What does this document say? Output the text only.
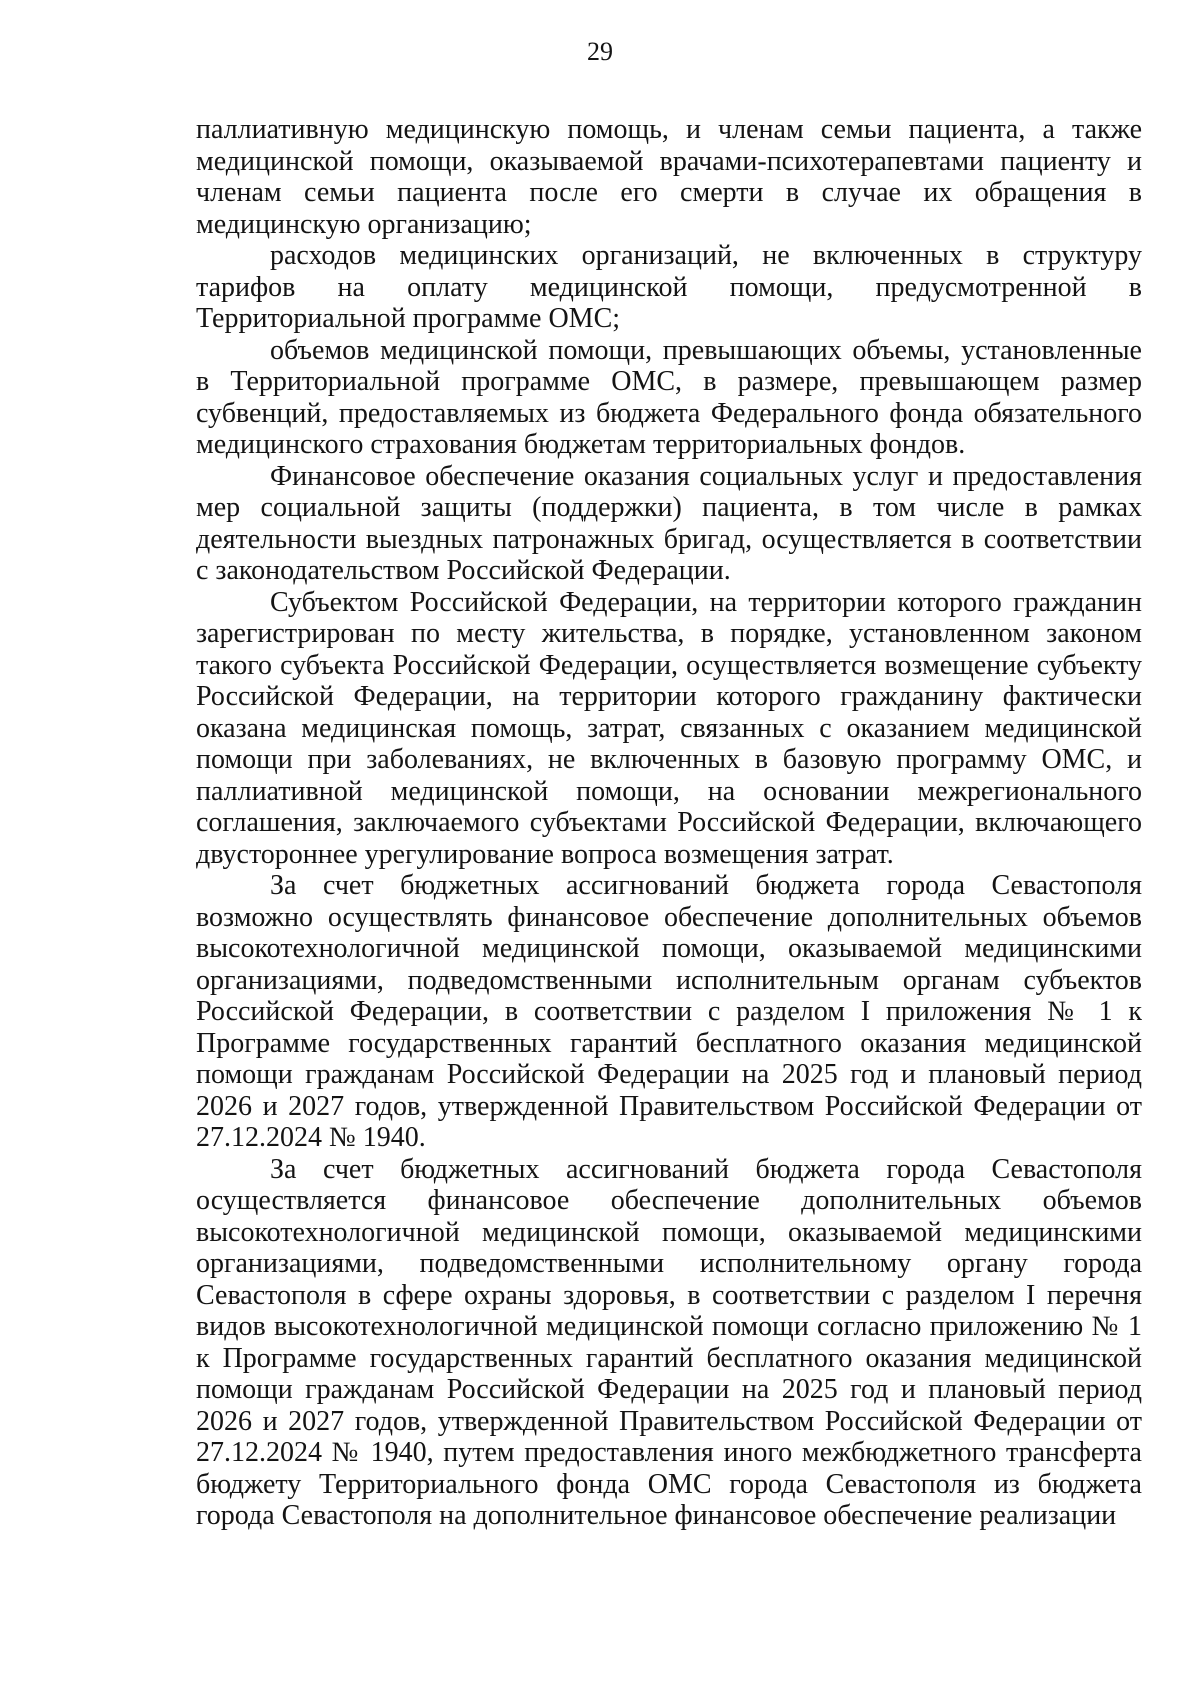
29

паллиативную медицинскую помощь, и членам семьи пациента, а также медицинской помощи, оказываемой врачами-психотерапевтами пациенту и членам семьи пациента после его смерти в случае их обращения в медицинскую организацию;

расходов медицинских организаций, не включенных в структуру тарифов на оплату медицинской помощи, предусмотренной в Территориальной программе ОМС;

объемов медицинской помощи, превышающих объемы, установленные в Территориальной программе ОМС, в размере, превышающем размер субвенций, предоставляемых из бюджета Федерального фонда обязательного медицинского страхования бюджетам территориальных фондов.

Финансовое обеспечение оказания социальных услуг и предоставления мер социальной защиты (поддержки) пациента, в том числе в рамках деятельности выездных патронажных бригад, осуществляется в соответствии с законодательством Российской Федерации.

Субъектом Российской Федерации, на территории которого гражданин зарегистрирован по месту жительства, в порядке, установленном законом такого субъекта Российской Федерации, осуществляется возмещение субъекту Российской Федерации, на территории которого гражданину фактически оказана медицинская помощь, затрат, связанных с оказанием медицинской помощи при заболеваниях, не включенных в базовую программу ОМС, и паллиативной медицинской помощи, на основании межрегионального соглашения, заключаемого субъектами Российской Федерации, включающего двустороннее урегулирование вопроса возмещения затрат.

За счет бюджетных ассигнований бюджета города Севастополя возможно осуществлять финансовое обеспечение дополнительных объемов высокотехнологичной медицинской помощи, оказываемой медицинскими организациями, подведомственными исполнительным органам субъектов Российской Федерации, в соответствии с разделом I приложения № 1 к Программе государственных гарантий бесплатного оказания медицинской помощи гражданам Российской Федерации на 2025 год и плановый период 2026 и 2027 годов, утвержденной Правительством Российской Федерации от 27.12.2024 № 1940.

За счет бюджетных ассигнований бюджета города Севастополя осуществляется финансовое обеспечение дополнительных объемов высокотехнологичной медицинской помощи, оказываемой медицинскими организациями, подведомственными исполнительному органу города Севастополя в сфере охраны здоровья, в соответствии с разделом I перечня видов высокотехнологичной медицинской помощи согласно приложению № 1 к Программе государственных гарантий бесплатного оказания медицинской помощи гражданам Российской Федерации на 2025 год и плановый период 2026 и 2027 годов, утвержденной Правительством Российской Федерации от 27.12.2024 № 1940, путем предоставления иного межбюджетного трансферта бюджету Территориального фонда ОМС города Севастополя из бюджета города Севастополя на дополнительное финансовое обеспечение реализации
